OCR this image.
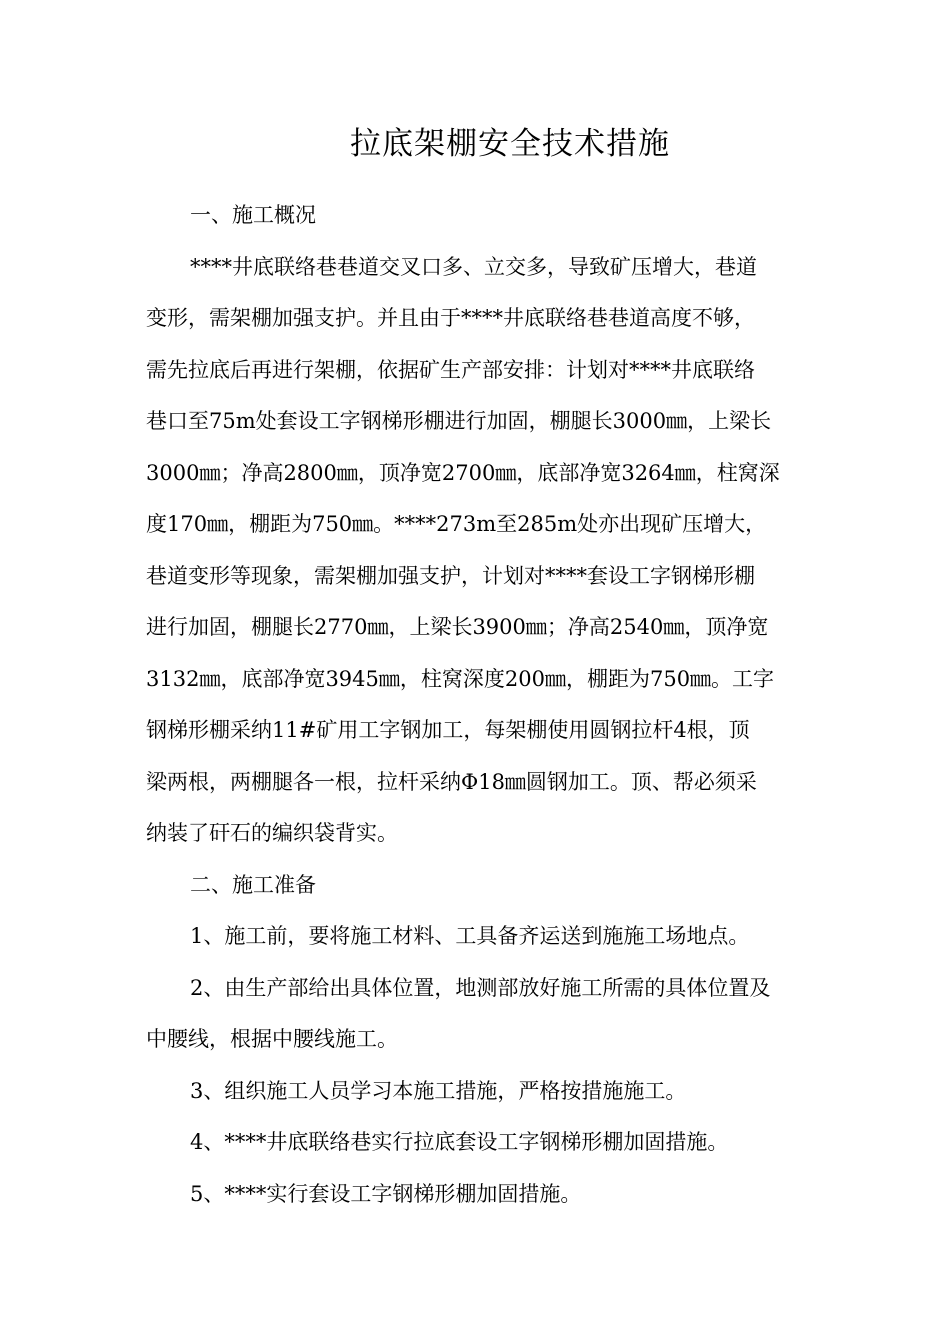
拉底架棚安全技术措施
一、施工概况
****井底联络巷巷道交叉口多、立交多，导致矿压增大，巷道
变形，需架棚加强支护。并且由于****井底联络巷巷道高度不够，
需先拉底后再进行架棚，依据矿生产部安排：计划对****井底联络
巷口至75m处套设工字钢梯形棚进行加固，棚腿长3000㎜，上梁长
3000㎜；净高2800㎜，顶净宽2700㎜，底部净宽3264㎜，柱窝深
度170㎜，棚距为750㎜。****273m至285m处亦出现矿压增大，
巷道变形等现象，需架棚加强支护，计划对****套设工字钢梯形棚
进行加固，棚腿长2770㎜，上梁长3900㎜；净高2540㎜，顶净宽
3132㎜，底部净宽3945㎜，柱窝深度200㎜，棚距为750㎜。工字
钢梯形棚采纳11#矿用工字钢加工，每架棚使用圆钢拉杆4根，顶
梁两根，两棚腿各一根，拉杆采纳Φ18㎜圆钢加工。顶、帮必须采
纳装了矸石的编织袋背实。
二、施工准备
1、施工前，要将施工材料、工具备齐运送到施施工场地点。
2、由生产部给出具体位置，地测部放好施工所需的具体位置及
中腰线，根据中腰线施工。
3、组织施工人员学习本施工措施，严格按措施施工。
4、****井底联络巷实行拉底套设工字钢梯形棚加固措施。
5、****实行套设工字钢梯形棚加固措施。
